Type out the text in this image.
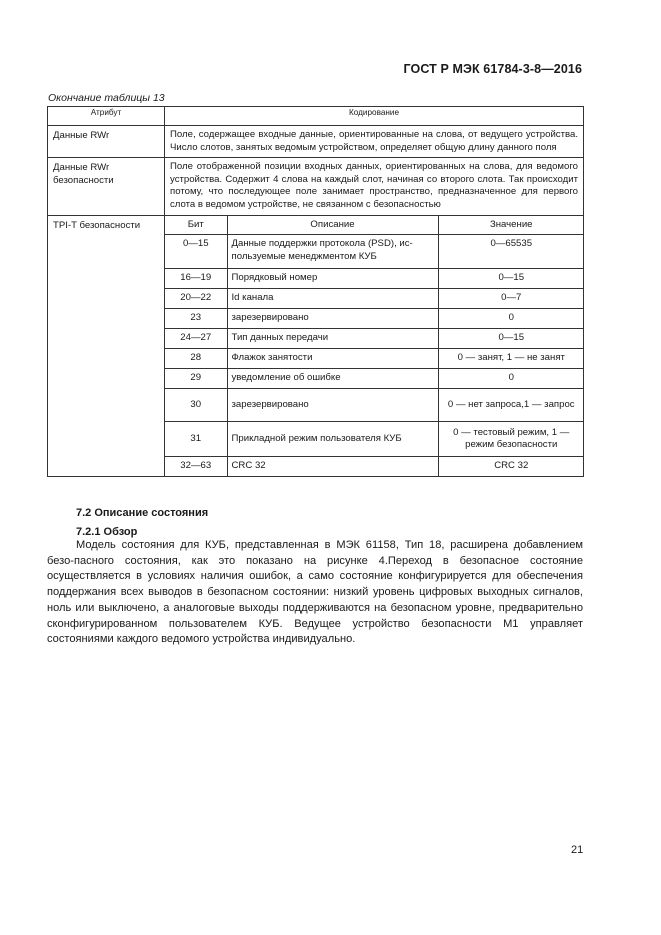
ГОСТ Р МЭК 61784-3-8—2016
Окончание таблицы 13
Атрибут	Кодирование
Данные RWr	Поле, содержащее входные данные, ориентированные на слова, от ведущего устройства. Число слотов, занятых ведомым устройством, определяет общую длину данного поля
Данные RWr безопасности	Поле отображенной позиции входных данных, ориентированных на слова, для ведомого устройства. Содержит 4 слова на каждый слот, начиная со второго слота. Так происходит потому, что последующее поле занимает пространство, предназначенное для первого слота в ведомом устройстве, не связанном с безопасностью
TPI-T безопасности		Бит	Описание	Значение
0—15	Данные поддержки протокола (PSD), ис-пользуемые менеджментом КУБ	0—65535
16—19	Порядковый номер	0—15
20—22	Id канала	0—7
23	зарезервировано	0
24—27	Тип данных передачи	0—15
28	Флажок занятости	0 — занят, 1 — не занят
29	уведомление об ошибке	0
30	зарезервировано	0 — нет запроса,1 — запрос
31	Прикладной режим пользователя КУБ	0 — тестовый режим, 1 — режим безопасности
32—63	CRC 32	CRC 32
7.2 Описание состояния
7.2.1 Обзор

Модель состояния для КУБ, представленная в МЭК 61158, Тип 18, расширена добавлением безо-пасного состояния, как это показано на рисунке 4.Переход в безопасное состояние осуществляется в условиях наличия ошибок, а само состояние конфигурируется для обеспечения поддержания всех выводов в безопасном состоянии: низкий уровень цифровых выходных сигналов, ноль или выключено, а аналоговые выходы поддерживаются на безопасном уровне, предварительно сконфигурированном пользователем КУБ. Ведущее устройство безопасности М1 управляет состояниями каждого ведомого устройства индивидуально.

21
